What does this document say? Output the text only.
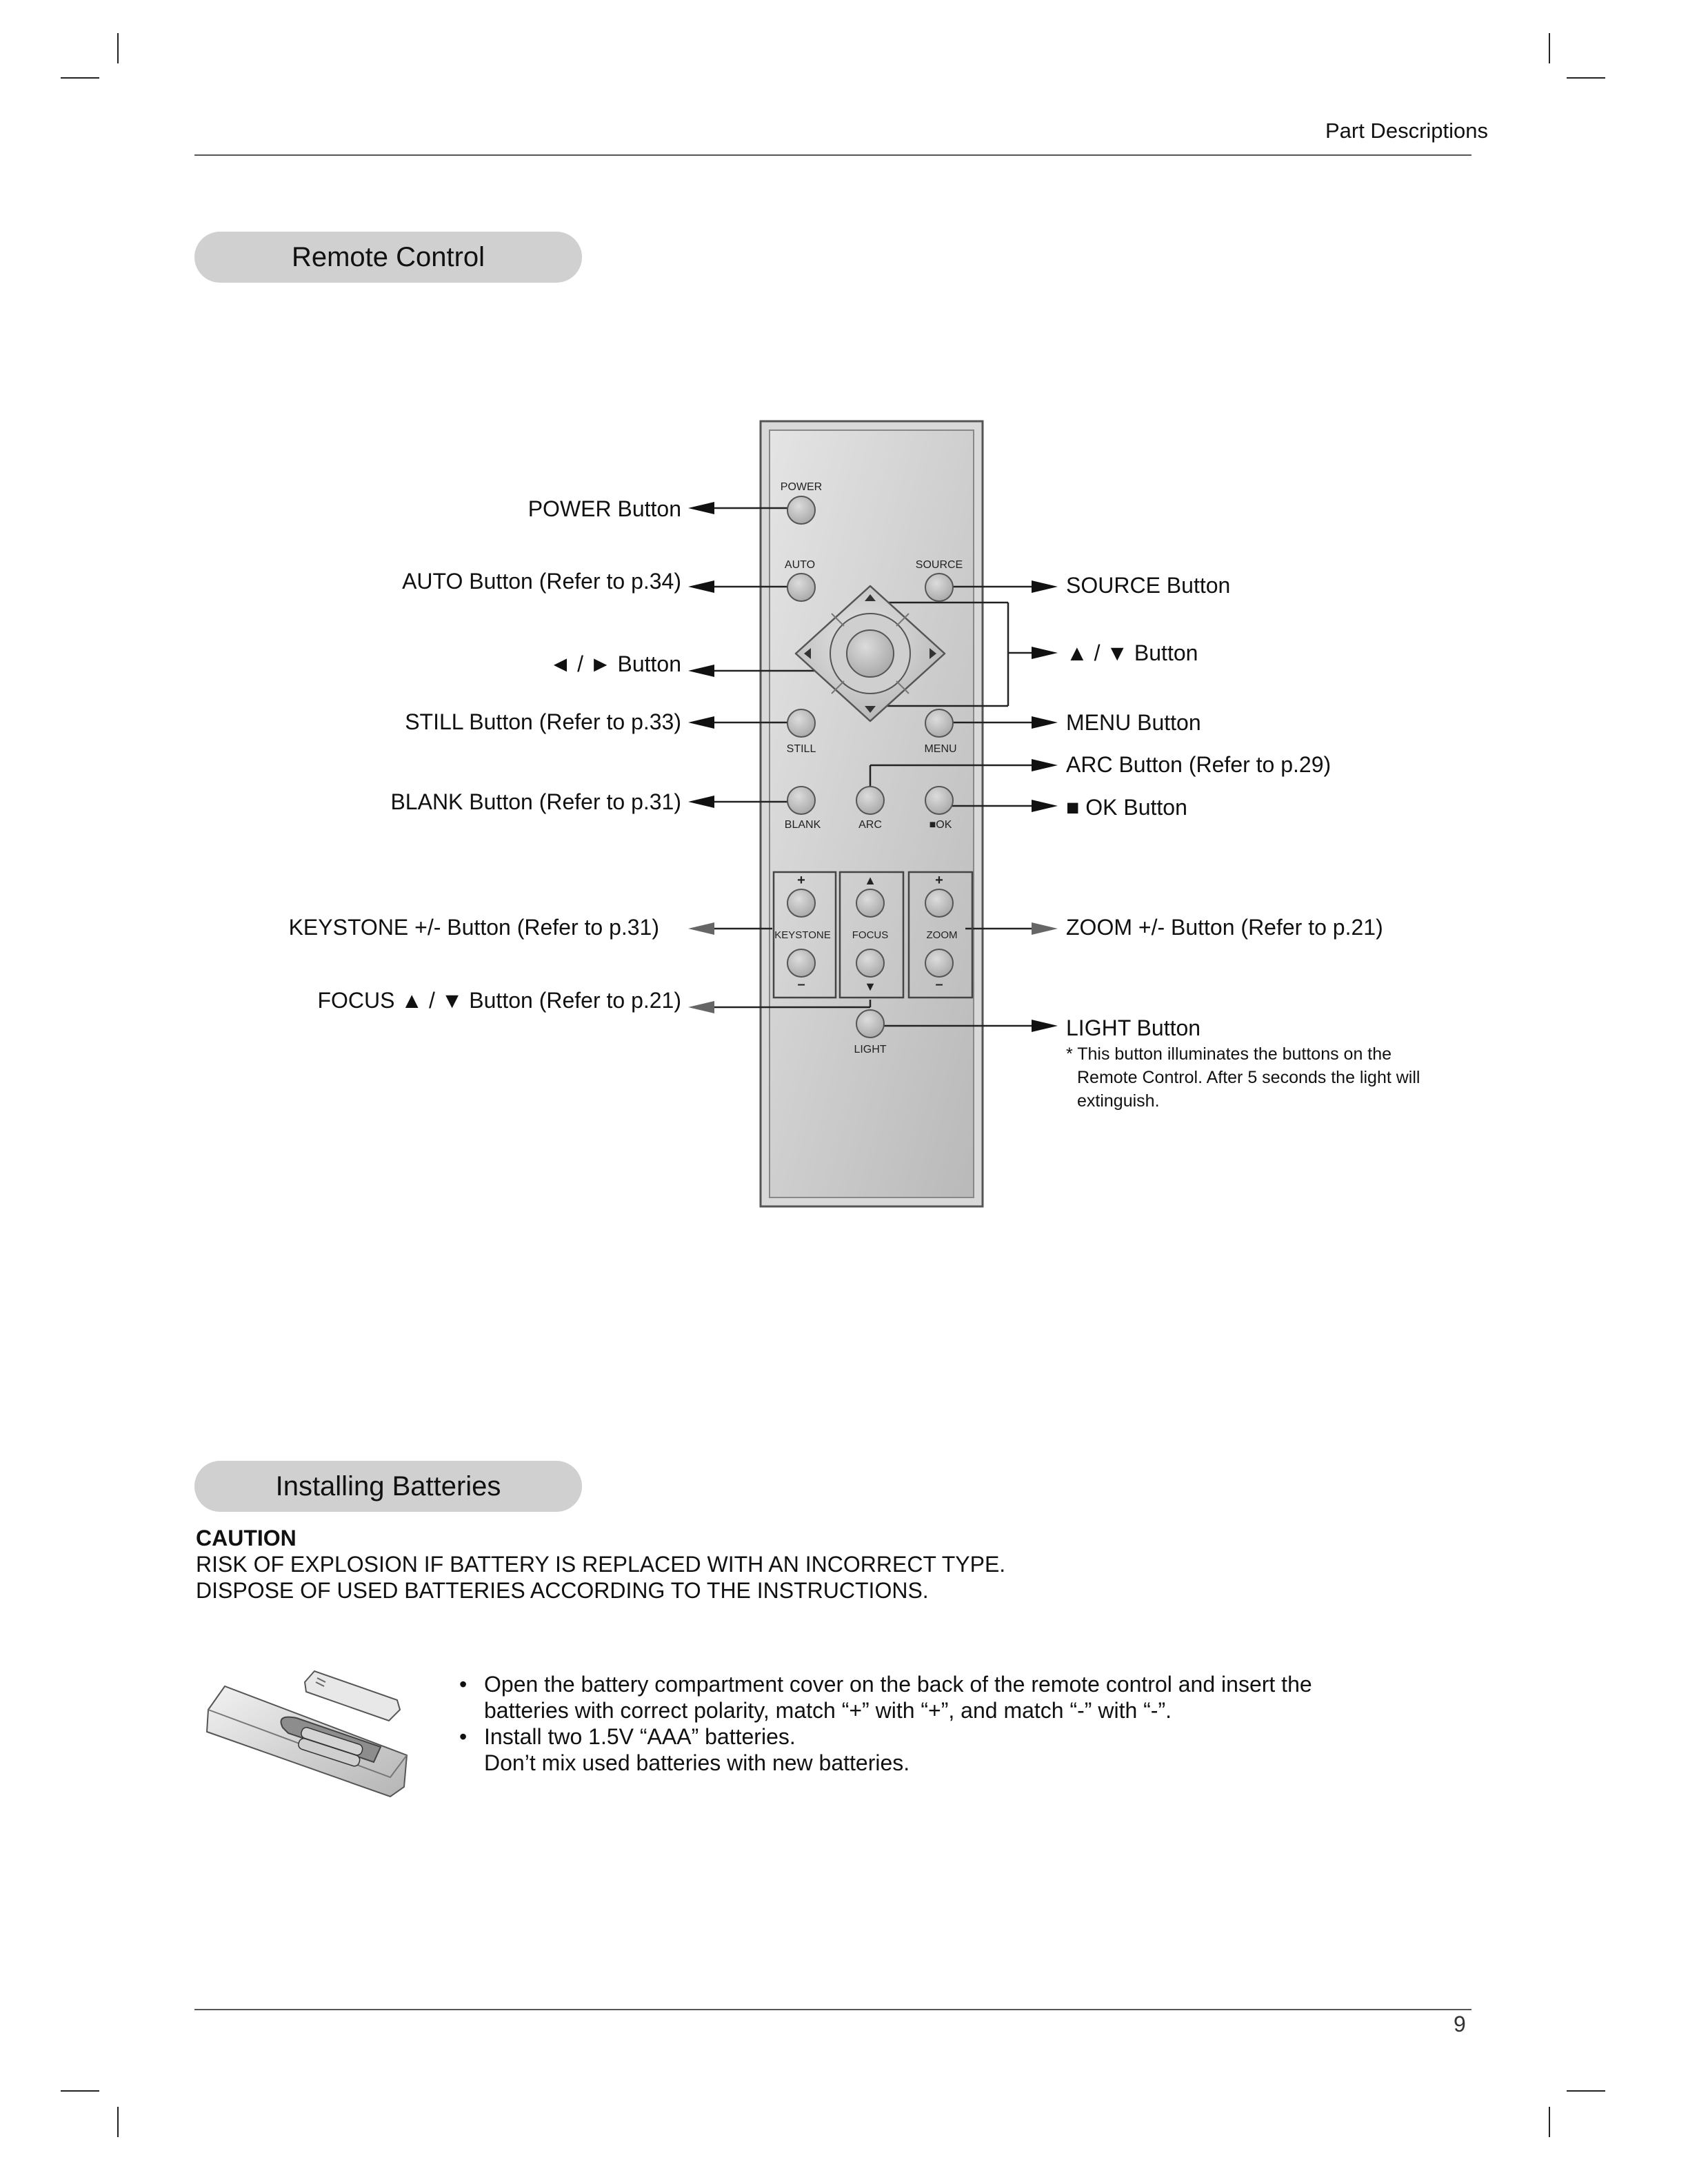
Part Descriptions
Remote Control
POWER
AUTO	SOURCE
STILL	MENU
BLANK	ARC	■OK
+	▲	+
KEYSTONE FOCUS	ZOOM
–	▼	–
LIGHT
POWER Button
AUTO Button (Refer to p.34)
◄ / ► Button
STILL Button (Refer to p.33)
BLANK Button (Refer to p.31)
KEYSTONE +/- Button (Refer to p.31)
FOCUS ▲ / ▼ Button (Refer to p.21)
SOURCE Button
▲ / ▼ Button
MENU Button
ARC Button (Refer to p.29)
■ OK Button
ZOOM +/- Button (Refer to p.21)
LIGHT Button
* This button illuminates the buttons on the
Remote Control. After 5 seconds the light will
extinguish.
Installing Batteries
CAUTION
RISK OF EXPLOSION IF BATTERY IS REPLACED WITH AN INCORRECT TYPE.
DISPOSE OF USED BATTERIES ACCORDING TO THE INSTRUCTIONS.
• Open the battery compartment cover on the back of the remote control and insert the
batteries with correct polarity, match “+” with “+”, and match “-” with “-”.
• Install two 1.5V “AAA” batteries.
Don’t mix used batteries with new batteries.
9
